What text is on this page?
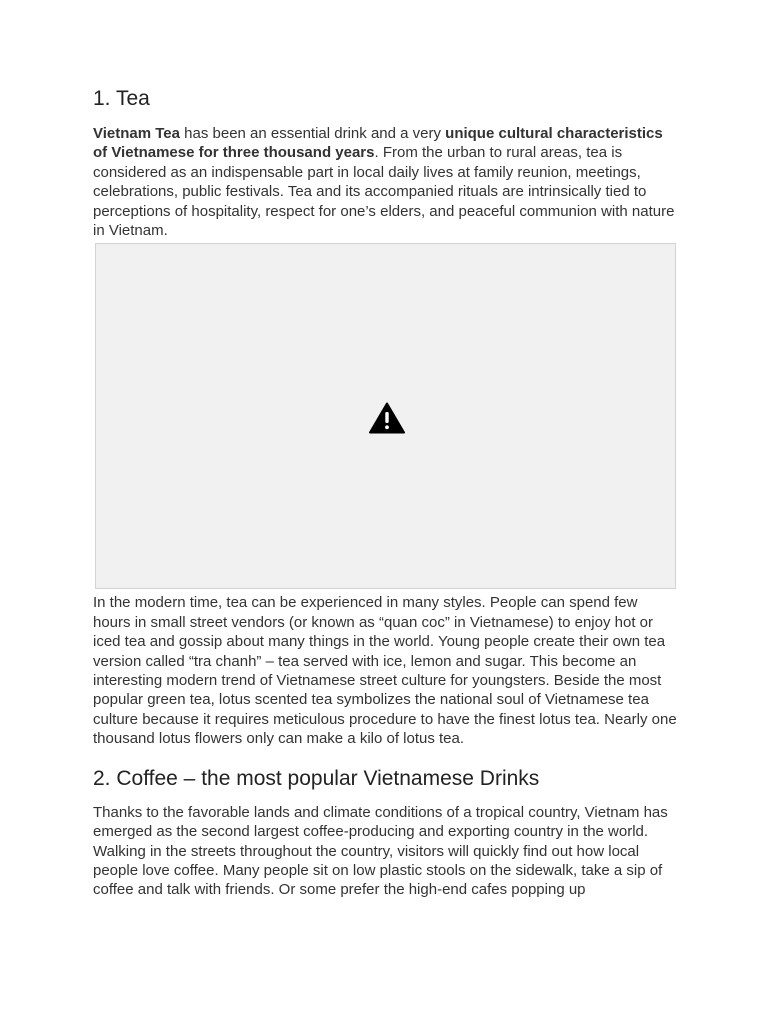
1. Tea

Vietnam Tea has been an essential drink and a very unique cultural characteristics of Vietnamese for three thousand years. From the urban to rural areas, tea is considered as an indispensable part in local daily lives at family reunion, meetings, celebrations, public festivals. Tea and its accompanied rituals are intrinsically tied to perceptions of hospitality, respect for one’s elders, and peaceful communion with nature in Vietnam.

In the modern time, tea can be experienced in many styles. People can spend few hours in small street vendors (or known as “quan coc” in Vietnamese) to enjoy hot or iced tea and gossip about many things in the world. Young people create their own tea version called “tra chanh” – tea served with ice, lemon and sugar. This become an interesting modern trend of Vietnamese street culture for youngsters. Beside the most popular green tea, lotus scented tea symbolizes the national soul of Vietnamese tea culture because it requires meticulous procedure to have the finest lotus tea. Nearly one thousand lotus flowers only can make a kilo of lotus tea.

2. Coffee – the most popular Vietnamese Drinks

Thanks to the favorable lands and climate conditions of a tropical country, Vietnam has emerged as the second largest coffee-producing and exporting country in the world. Walking in the streets throughout the country, visitors will quickly find out how local people love coffee. Many people sit on low plastic stools on the sidewalk, take a sip of coffee and talk with friends. Or some prefer the high-end cafes popping up
